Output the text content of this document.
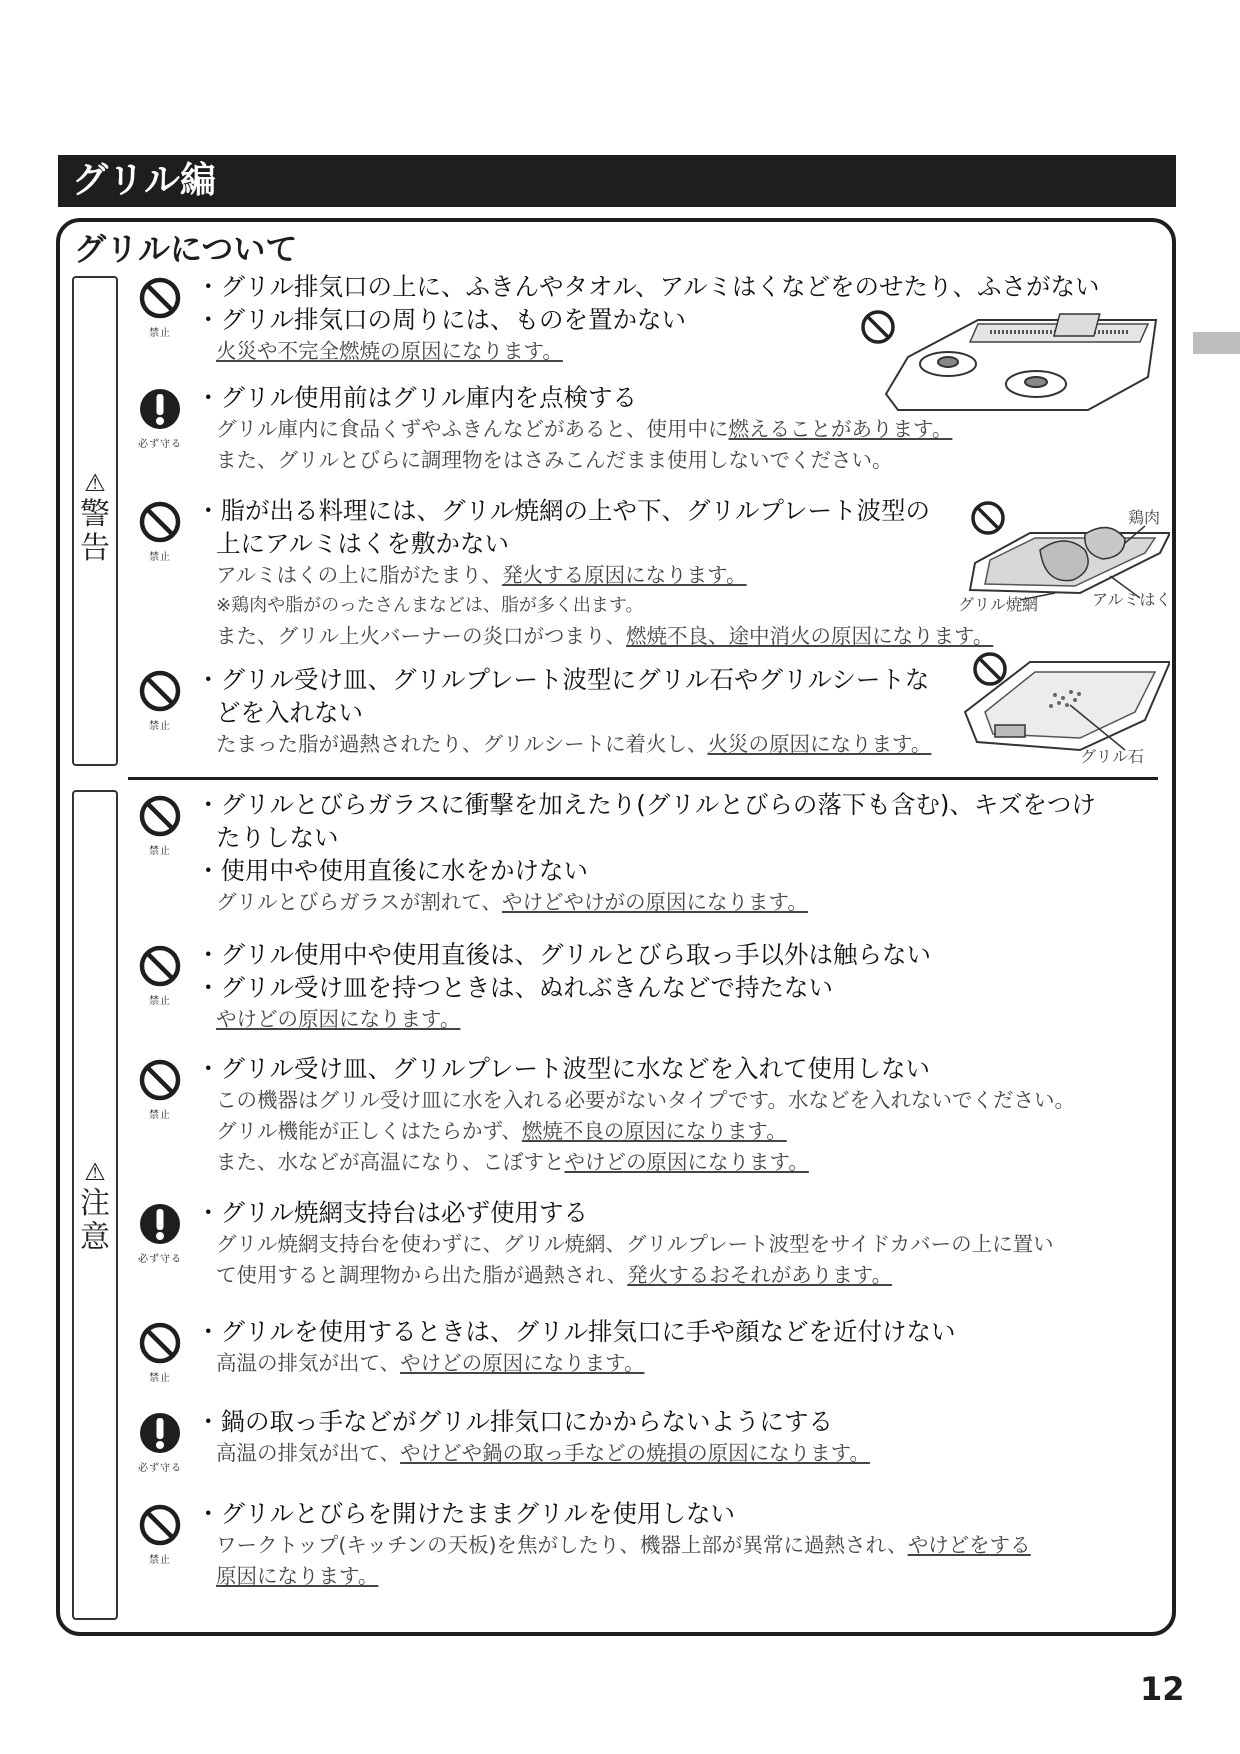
グリル編
グリルについて
⚠
警
告
⚠
注
意
禁止
・グリル排気口の上に、ふきんやタオル、アルミはくなどをのせたり、ふさがない
・グリル排気口の周りには、ものを置かない
火災や不完全燃焼の原因になります。
必ず守る
・グリル使用前はグリル庫内を点検する
グリル庫内に食品くずやふきんなどがあると、使用中に燃えることがあります。
また、グリルとびらに調理物をはさみこんだまま使用しないでください。
禁止
・脂が出る料理には、グリル焼網の上や下、グリルプレート波型の
上にアルミはくを敷かない
アルミはくの上に脂がたまり、発火する原因になります。
※鶏肉や脂がのったさんまなどは、脂が多く出ます。
また、グリル上火バーナーの炎口がつまり、燃焼不良、途中消火の原因になります。
禁止
・グリル受け皿、グリルプレート波型にグリル石やグリルシートな
どを入れない
たまった脂が過熱されたり、グリルシートに着火し、火災の原因になります。
禁止
・グリルとびらガラスに衝撃を加えたり(グリルとびらの落下も含む)、キズをつけ
たりしない
・使用中や使用直後に水をかけない
グリルとびらガラスが割れて、やけどやけがの原因になります。
禁止
・グリル使用中や使用直後は、グリルとびら取っ手以外は触らない
・グリル受け皿を持つときは、ぬれぶきんなどで持たない
やけどの原因になります。
禁止
・グリル受け皿、グリルプレート波型に水などを入れて使用しない
この機器はグリル受け皿に水を入れる必要がないタイプです。水などを入れないでください。
グリル機能が正しくはたらかず、燃焼不良の原因になります。
また、水などが高温になり、こぼすとやけどの原因になります。
必ず守る
・グリル焼網支持台は必ず使用する
グリル焼網支持台を使わずに、グリル焼網、グリルプレート波型をサイドカバーの上に置い
て使用すると調理物から出た脂が過熱され、発火するおそれがあります。
禁止
・グリルを使用するときは、グリル排気口に手や顔などを近付けない
高温の排気が出て、やけどの原因になります。
必ず守る
・鍋の取っ手などがグリル排気口にかからないようにする
高温の排気が出て、やけどや鍋の取っ手などの焼損の原因になります。
禁止
・グリルとびらを開けたままグリルを使用しない
ワークトップ(キッチンの天板)を焦がしたり、機器上部が異常に過熱され、やけどをする
原因になります。
鶏肉
グリル焼網	アルミはく
グリル石
12
